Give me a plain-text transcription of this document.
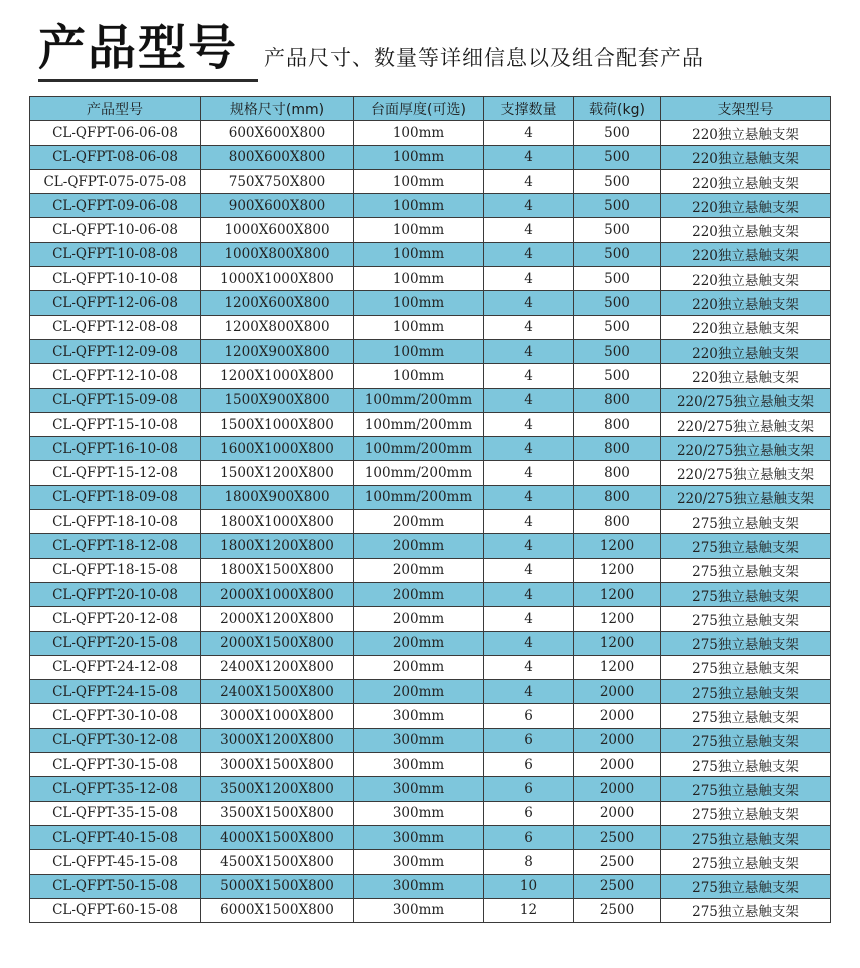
产品型号 产品尺寸、数量等详细信息以及组合配套产品
产品型号	规格尺寸(mm)	台面厚度(可选)	支撑数量	载荷(kg)	支架型号
CL-QFPT-06-06-08	600X600X800	100mm	4	500	220独立悬触支架
CL-QFPT-08-06-08	800X600X800	100mm	4	500	220独立悬触支架
CL-QFPT-075-075-08	750X750X800	100mm	4	500	220独立悬触支架
CL-QFPT-09-06-08	900X600X800	100mm	4	500	220独立悬触支架
CL-QFPT-10-06-08	1000X600X800	100mm	4	500	220独立悬触支架
CL-QFPT-10-08-08	1000X800X800	100mm	4	500	220独立悬触支架
CL-QFPT-10-10-08	1000X1000X800	100mm	4	500	220独立悬触支架
CL-QFPT-12-06-08	1200X600X800	100mm	4	500	220独立悬触支架
CL-QFPT-12-08-08	1200X800X800	100mm	4	500	220独立悬触支架
CL-QFPT-12-09-08	1200X900X800	100mm	4	500	220独立悬触支架
CL-QFPT-12-10-08	1200X1000X800	100mm	4	500	220独立悬触支架
CL-QFPT-15-09-08	1500X900X800	100mm/200mm	4	800	220/275独立悬触支架
CL-QFPT-15-10-08	1500X1000X800	100mm/200mm	4	800	220/275独立悬触支架
CL-QFPT-16-10-08	1600X1000X800	100mm/200mm	4	800	220/275独立悬触支架
CL-QFPT-15-12-08	1500X1200X800	100mm/200mm	4	800	220/275独立悬触支架
CL-QFPT-18-09-08	1800X900X800	100mm/200mm	4	800	220/275独立悬触支架
CL-QFPT-18-10-08	1800X1000X800	200mm	4	800	275独立悬触支架
CL-QFPT-18-12-08	1800X1200X800	200mm	4	1200	275独立悬触支架
CL-QFPT-18-15-08	1800X1500X800	200mm	4	1200	275独立悬触支架
CL-QFPT-20-10-08	2000X1000X800	200mm	4	1200	275独立悬触支架
CL-QFPT-20-12-08	2000X1200X800	200mm	4	1200	275独立悬触支架
CL-QFPT-20-15-08	2000X1500X800	200mm	4	1200	275独立悬触支架
CL-QFPT-24-12-08	2400X1200X800	200mm	4	1200	275独立悬触支架
CL-QFPT-24-15-08	2400X1500X800	200mm	4	2000	275独立悬触支架
CL-QFPT-30-10-08	3000X1000X800	300mm	6	2000	275独立悬触支架
CL-QFPT-30-12-08	3000X1200X800	300mm	6	2000	275独立悬触支架
CL-QFPT-30-15-08	3000X1500X800	300mm	6	2000	275独立悬触支架
CL-QFPT-35-12-08	3500X1200X800	300mm	6	2000	275独立悬触支架
CL-QFPT-35-15-08	3500X1500X800	300mm	6	2000	275独立悬触支架
CL-QFPT-40-15-08	4000X1500X800	300mm	6	2500	275独立悬触支架
CL-QFPT-45-15-08	4500X1500X800	300mm	8	2500	275独立悬触支架
CL-QFPT-50-15-08	5000X1500X800	300mm	10	2500	275独立悬触支架
CL-QFPT-60-15-08	6000X1500X800	300mm	12	2500	275独立悬触支架
